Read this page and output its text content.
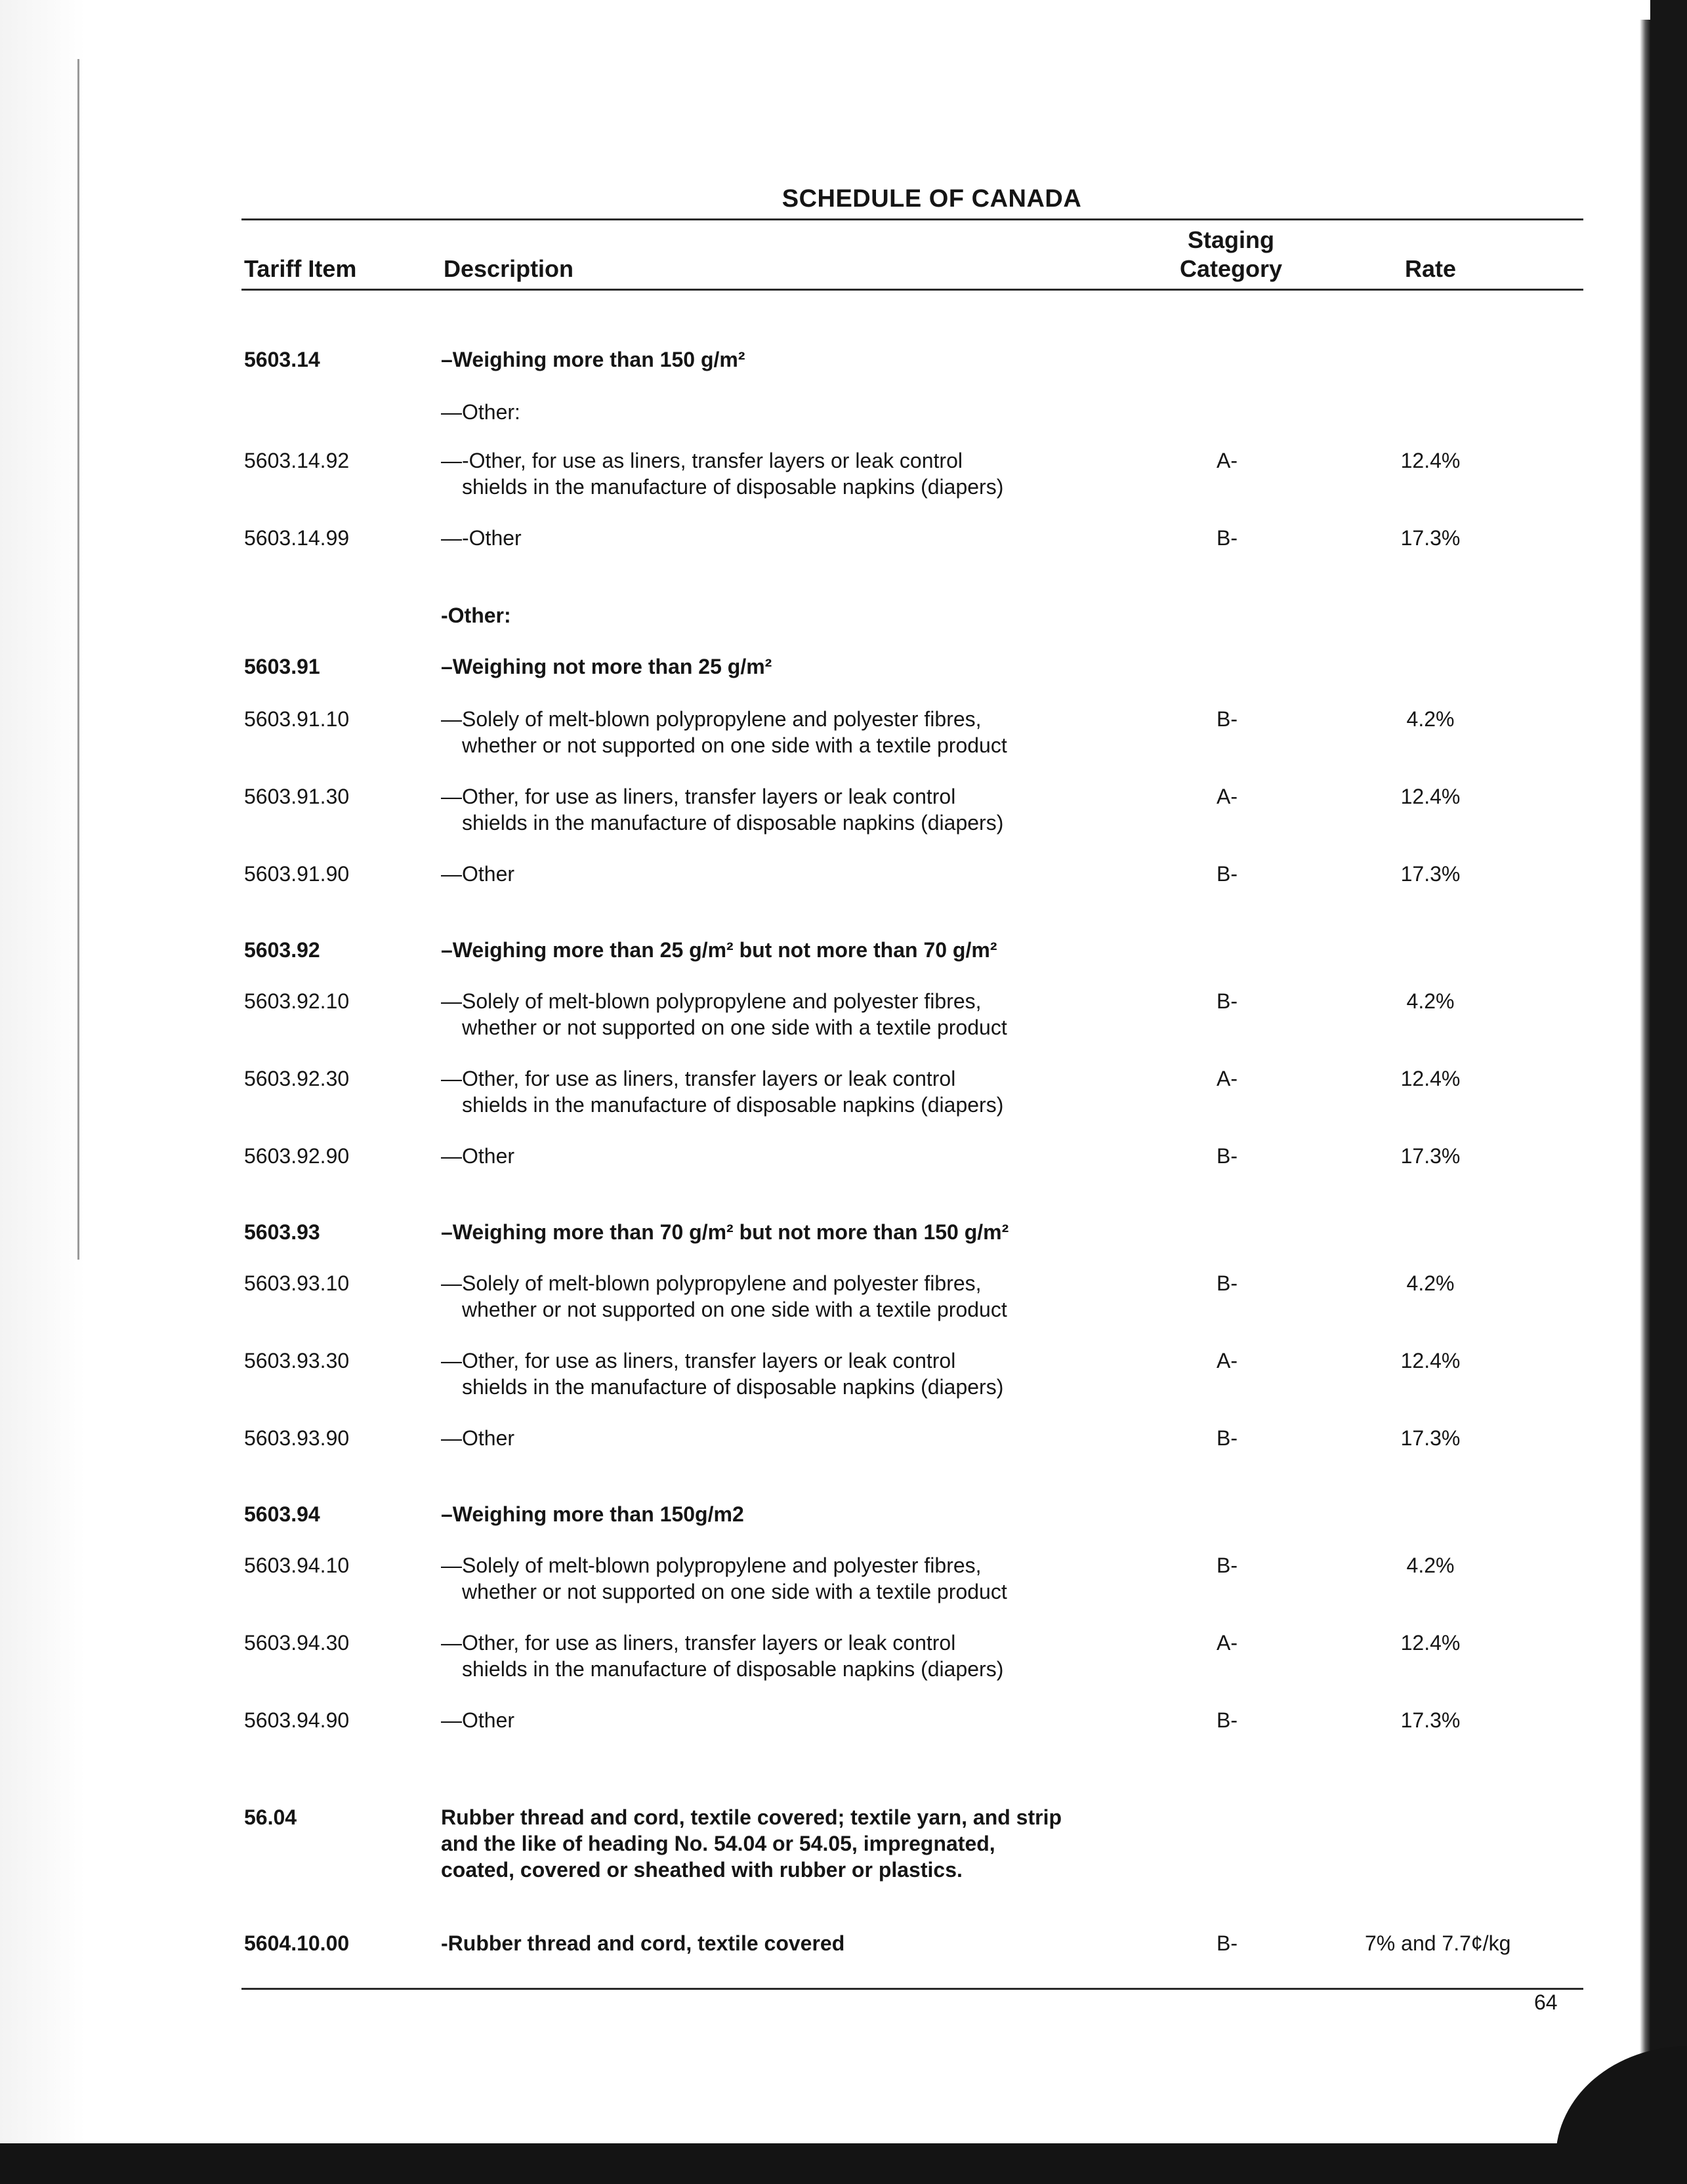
SCHEDULE OF CANADA
Tariff Item	Description
Staging
Category	Rate
5603.14	–Weighing more than 150 g/m²
—Other:
5603.14.92	—-Other, for use as liners, transfer layers or leak control
shields in the manufacture of disposable napkins (diapers)
A-	12.4%
5603.14.99	—-Other	B-	17.3%
-Other:
5603.91	–Weighing not more than 25 g/m²
5603.91.10	—Solely of melt-blown polypropylene and polyester fibres,
whether or not supported on one side with a textile product
B-	4.2%
5603.91.30	—Other, for use as liners, transfer layers or leak control
shields in the manufacture of disposable napkins (diapers)
A-	12.4%
5603.91.90	—Other	B-	17.3%
5603.92	–Weighing more than 25 g/m² but not more than 70 g/m²
5603.92.10	—Solely of melt-blown polypropylene and polyester fibres,
whether or not supported on one side with a textile product
B-	4.2%
5603.92.30	—Other, for use as liners, transfer layers or leak control
shields in the manufacture of disposable napkins (diapers)
A-	12.4%
5603.92.90	—Other	B-	17.3%
5603.93	–Weighing more than 70 g/m² but not more than 150 g/m²
5603.93.10	—Solely of melt-blown polypropylene and polyester fibres,
whether or not supported on one side with a textile product
B-	4.2%
5603.93.30	—Other, for use as liners, transfer layers or leak control
shields in the manufacture of disposable napkins (diapers)
A-	12.4%
5603.93.90	—Other	B-	17.3%
5603.94	–Weighing more than 150g/m2
5603.94.10	—Solely of melt-blown polypropylene and polyester fibres,
whether or not supported on one side with a textile product
B-	4.2%
5603.94.30	—Other, for use as liners, transfer layers or leak control
shields in the manufacture of disposable napkins (diapers)
A-	12.4%
5603.94.90	—Other	B-	17.3%
56.04	Rubber thread and cord, textile covered; textile yarn, and strip
and the like of heading No. 54.04 or 54.05, impregnated,
coated, covered or sheathed with rubber or plastics.
5604.10.00	-Rubber thread and cord, textile covered	B-	7% and 7.7¢/kg
64
